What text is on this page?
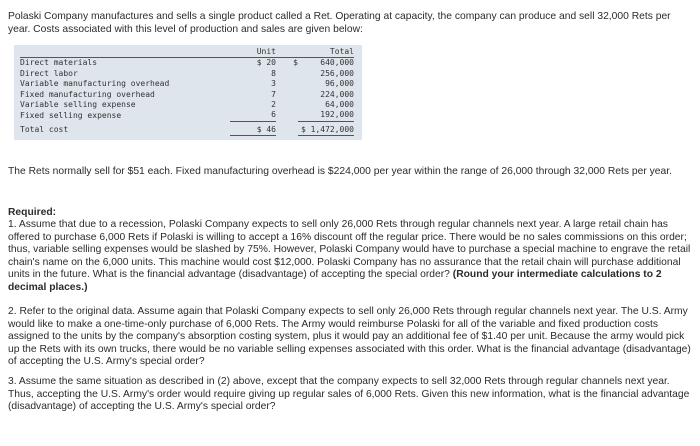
Polaski Company manufactures and sells a single product called a Ret. Operating at capacity, the company can produce and sell 32,000 Rets per year. Costs associated with this level of production and sales are given below:
	Unit		Total
Direct materials	$ 20	$	640,000
Direct labor	8		256,000
Variable manufacturing overhead	3		96,000
Fixed manufacturing overhead	7		224,000
Variable selling expense	2		64,000
Fixed selling expense	6		192,000
Total cost	$ 46		$ 1,472,000
The Rets normally sell for $51 each. Fixed manufacturing overhead is $224,000 per year within the range of 26,000 through 32,000 Rets per year.
Required:
1. Assume that due to a recession, Polaski Company expects to sell only 26,000 Rets through regular channels next year. A large retail chain has offered to purchase 6,000 Rets if Polaski is willing to accept a 16% discount off the regular price. There would be no sales commissions on this order; thus, variable selling expenses would be slashed by 75%. However, Polaski Company would have to purchase a special machine to engrave the retail chain's name on the 6,000 units. This machine would cost $12,000. Polaski Company has no assurance that the retail chain will purchase additional units in the future. What is the financial advantage (disadvantage) of accepting the special order? (Round your intermediate calculations to 2 decimal places.)
2. Refer to the original data. Assume again that Polaski Company expects to sell only 26,000 Rets through regular channels next year. The U.S. Army would like to make a one-time-only purchase of 6,000 Rets. The Army would reimburse Polaski for all of the variable and fixed production costs assigned to the units by the company's absorption costing system, plus it would pay an additional fee of $1.40 per unit. Because the army would pick up the Rets with its own trucks, there would be no variable selling expenses associated with this order. What is the financial advantage (disadvantage) of accepting the U.S. Army's special order?
3. Assume the same situation as described in (2) above, except that the company expects to sell 32,000 Rets through regular channels next year. Thus, accepting the U.S. Army's order would require giving up regular sales of 6,000 Rets. Given this new information, what is the financial advantage (disadvantage) of accepting the U.S. Army's special order?
